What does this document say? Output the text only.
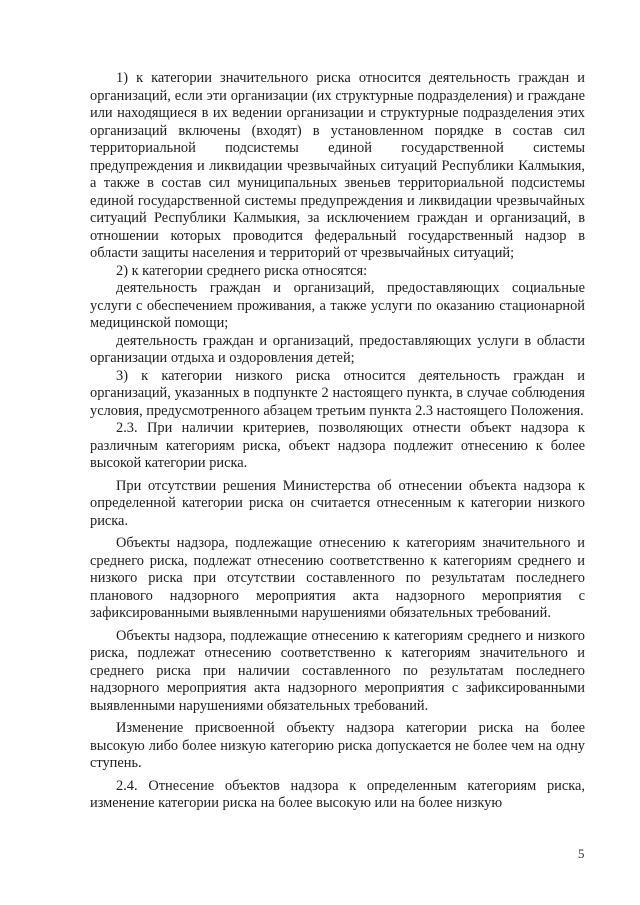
1) к категории значительного риска относится деятельность граждан и организаций, если эти организации (их структурные подразделения) и граждане или находящиеся в их ведении организации и структурные подразделения этих организаций включены (входят) в установленном порядке в состав сил территориальной подсистемы единой государственной системы предупреждения и ликвидации чрезвычайных ситуаций Республики Калмыкия, а также в состав сил муниципальных звеньев территориальной подсистемы единой государственной системы предупреждения и ликвидации чрезвычайных ситуаций Республики Калмыкия, за исключением граждан и организаций, в отношении которых проводится федеральный государственный надзор в области защиты населения и территорий от чрезвычайных ситуаций;

2) к категории среднего риска относятся:

деятельность граждан и организаций, предоставляющих социальные услуги с обеспечением проживания, а также услуги по оказанию стационарной медицинской помощи;

деятельность граждан и организаций, предоставляющих услуги в области организации отдыха и оздоровления детей;

3) к категории низкого риска относится деятельность граждан и организаций, указанных в подпункте 2 настоящего пункта, в случае соблюдения условия, предусмотренного абзацем третьим пункта 2.3 настоящего Положения.

2.3. При наличии критериев, позволяющих отнести объект надзора к различным категориям риска, объект надзора подлежит отнесению к более высокой категории риска.

При отсутствии решения Министерства об отнесении объекта надзора к определенной категории риска он считается отнесенным к категории низкого риска.

Объекты надзора, подлежащие отнесению к категориям значительного и среднего риска, подлежат отнесению соответственно к категориям среднего и низкого риска при отсутствии составленного по результатам последнего планового надзорного мероприятия акта надзорного мероприятия с зафиксированными выявленными нарушениями обязательных требований.

Объекты надзора, подлежащие отнесению к категориям среднего и низкого риска, подлежат отнесению соответственно к категориям значительного и среднего риска при наличии составленного по результатам последнего надзорного мероприятия акта надзорного мероприятия с зафиксированными выявленными нарушениями обязательных требований.

Изменение присвоенной объекту надзора категории риска на более высокую либо более низкую категорию риска допускается не более чем на одну ступень.

2.4. Отнесение объектов надзора к определенным категориям риска, изменение категории риска на более высокую или на более низкую

5
